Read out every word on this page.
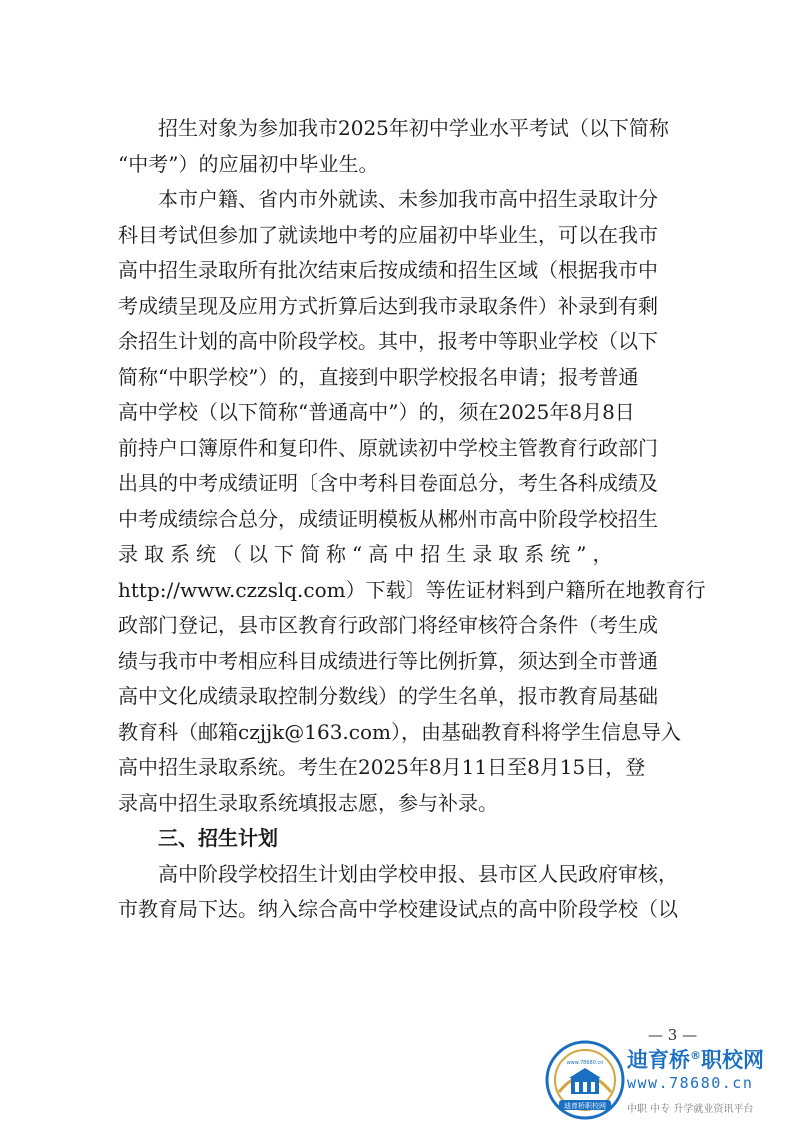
招生对象为参加我市2025年初中学业水平考试（以下简称
“中考”）的应届初中毕业生。

本市户籍、省内市外就读、未参加我市高中招生录取计分
科目考试但参加了就读地中考的应届初中毕业生，可以在我市
高中招生录取所有批次结束后按成绩和招生区域（根据我市中
考成绩呈现及应用方式折算后达到我市录取条件）补录到有剩
余招生计划的高中阶段学校。其中，报考中等职业学校（以下
简称“中职学校”）的，直接到中职学校报名申请；报考普通
高中学校（以下简称“普通高中”）的，须在2025年8月8日
前持户口簿原件和复印件、原就读初中学校主管教育行政部门
出具的中考成绩证明〔含中考科目卷面总分，考生各科成绩及
中考成绩综合总分，成绩证明模板从郴州市高中阶段学校招生
录取系统（以下简称“高中招生录取系统”，
http://www.czzslq.com）下载〕等佐证材料到户籍所在地教育行
政部门登记，县市区教育行政部门将经审核符合条件（考生成
绩与我市中考相应科目成绩进行等比例折算，须达到全市普通
高中文化成绩录取控制分数线）的学生名单，报市教育局基础
教育科（邮箱czjjk@163.com），由基础教育科将学生信息导入
高中招生录取系统。考生在2025年8月11日至8月15日，登
录高中招生录取系统填报志愿，参与补录。

三、招生计划

高中阶段学校招生计划由学校申报、县市区人民政府审核，
市教育局下达。纳入综合高中学校建设试点的高中阶段学校（以

— 3 —
迪育桥职校网
www.78680.cn 迪育桥®职校网
www.78680.cn
中职 中专 升学就业资讯平台
